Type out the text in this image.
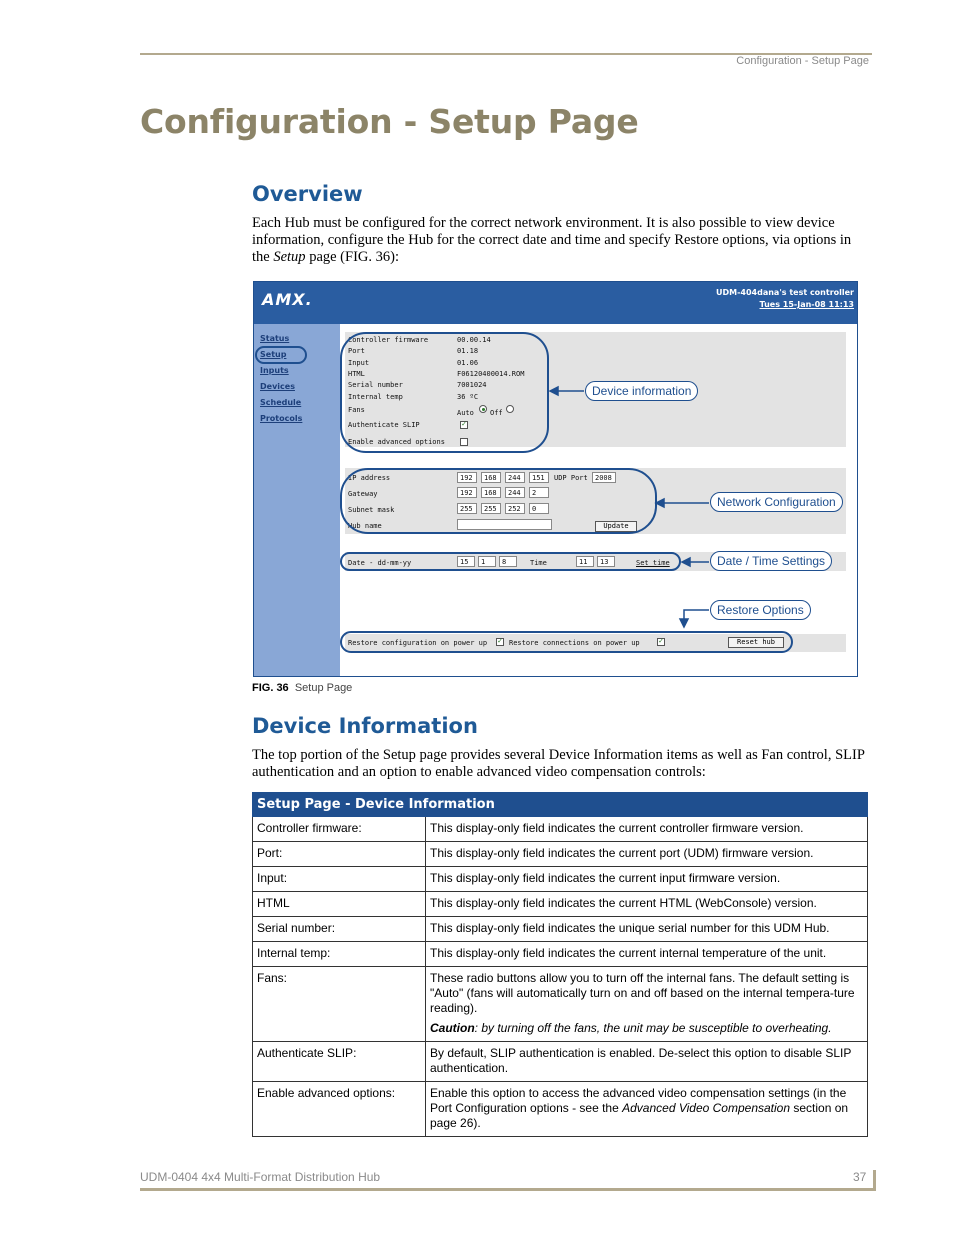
Configuration - Setup Page
Configuration - Setup Page
Overview

Each Hub must be configured for the correct network environment. It is also possible to view device information, configure the Hub for the correct date and time and specify Restore options, via options in the Setup page (FIG. 36):

AMX.	UDM-404dana's test controller
Tues 15-Jan-08 11:13
Status
Setup
Inputs
Devices
Schedule
Protocols
Controller firmware	00.00.14
Port	01.18
Input	01.06
HTML	F06120400014.ROM
Serial number	7001024
Internal temp	36 ºC
Fans	Auto Off
Authenticate SLIP	✓
Enable advanced options
IP address	192	168	244	151	UDP Port	2008
Gateway	192	168	244	2
Subnet mask	255	255	252	0
Hub name	Update
Date - dd-mm-yy	15	1	8	Time	11	13	Set time
Restore configuration on power up ✓ Restore connections on power up	✓	Reset hub
Device information
Network Configuration
Date / Time Settings
Restore Options
FIG. 36 Setup Page
Device Information

The top portion of the Setup page provides several Device Information items as well as Fan control, SLIP authentication and an option to enable advanced video compensation controls:

Setup Page - Device Information	
Controller firmware:	This display-only field indicates the current controller firmware version.
Port:	This display-only field indicates the current port (UDM) firmware version.
Input:	This display-only field indicates the current input firmware version.
HTML	This display-only field indicates the current HTML (WebConsole) version.
Serial number:	This display-only field indicates the unique serial number for this UDM Hub.
Internal temp:	This display-only field indicates the current internal temperature of the unit.
Fans:	These radio buttons allow you to turn off the internal fans. The default setting is "Auto" (fans will automatically turn on and off based on the internal tempera-ture reading).

Caution: by turning off the fans, the unit may be susceptible to overheating.

Authenticate SLIP:	By default, SLIP authentication is enabled. De-select this option to disable SLIP authentication.
Enable advanced options:	Enable this option to access the advanced video compensation settings (in the Port Configuration options - see the Advanced Video Compensation section on page 26).
UDM-0404 4x4 Multi-Format Distribution Hub	37
